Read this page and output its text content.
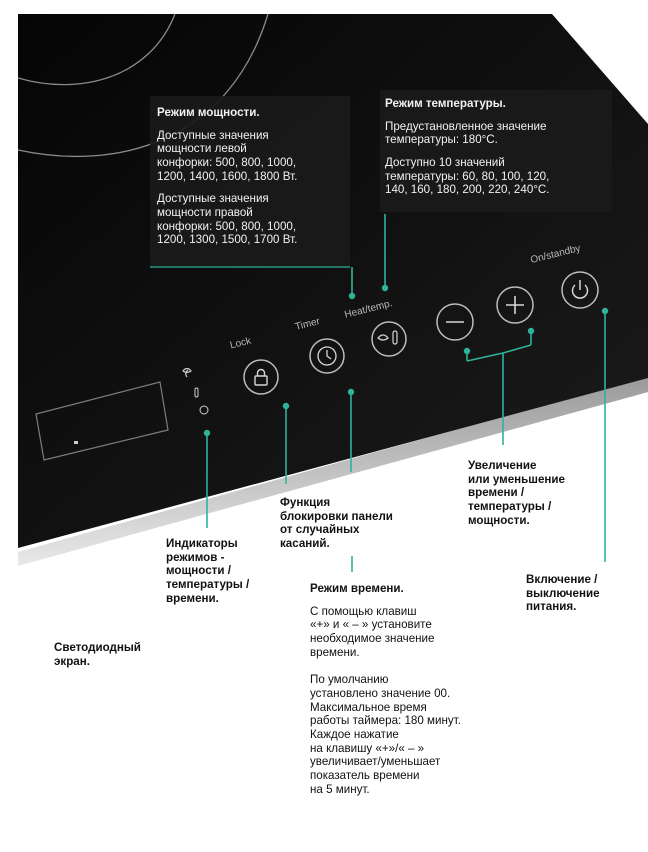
Lock
Timer
Heat/temp.
On/standby
Режим мощности.
Доступные значения
мощности левой
конфорки: 500, 800, 1000,
1200, 1400, 1600, 1800 Вт.
Доступные значения
мощности правой
конфорки: 500, 800, 1000,
1200, 1300, 1500, 1700 Вт.
Режим температуры.
Предустановленное значение
температуры: 180°C.
Доступно 10 значений
температуры: 60, 80, 100, 120,
140, 160, 180, 200, 220, 240°C.
Функция
блокировки панели
от случайных
касаний.
Индикаторы
режимов -
мощности /
температуры /
времени.
Увеличение
или уменьшение
времени /
температуры /
мощности.
Включение /
выключение
питания.
Светодиодный
экран.
Режим времени.
С помощью клавиш
«+» и « – » установите
необходимое значение
времени.
По умолчанию
установлено значение 00.
Максимальное время
работы таймера: 180 минут.
Каждое нажатие
на клавишу «+»/« – »
увеличивает/уменьшает
показатель времени
на 5 минут.
